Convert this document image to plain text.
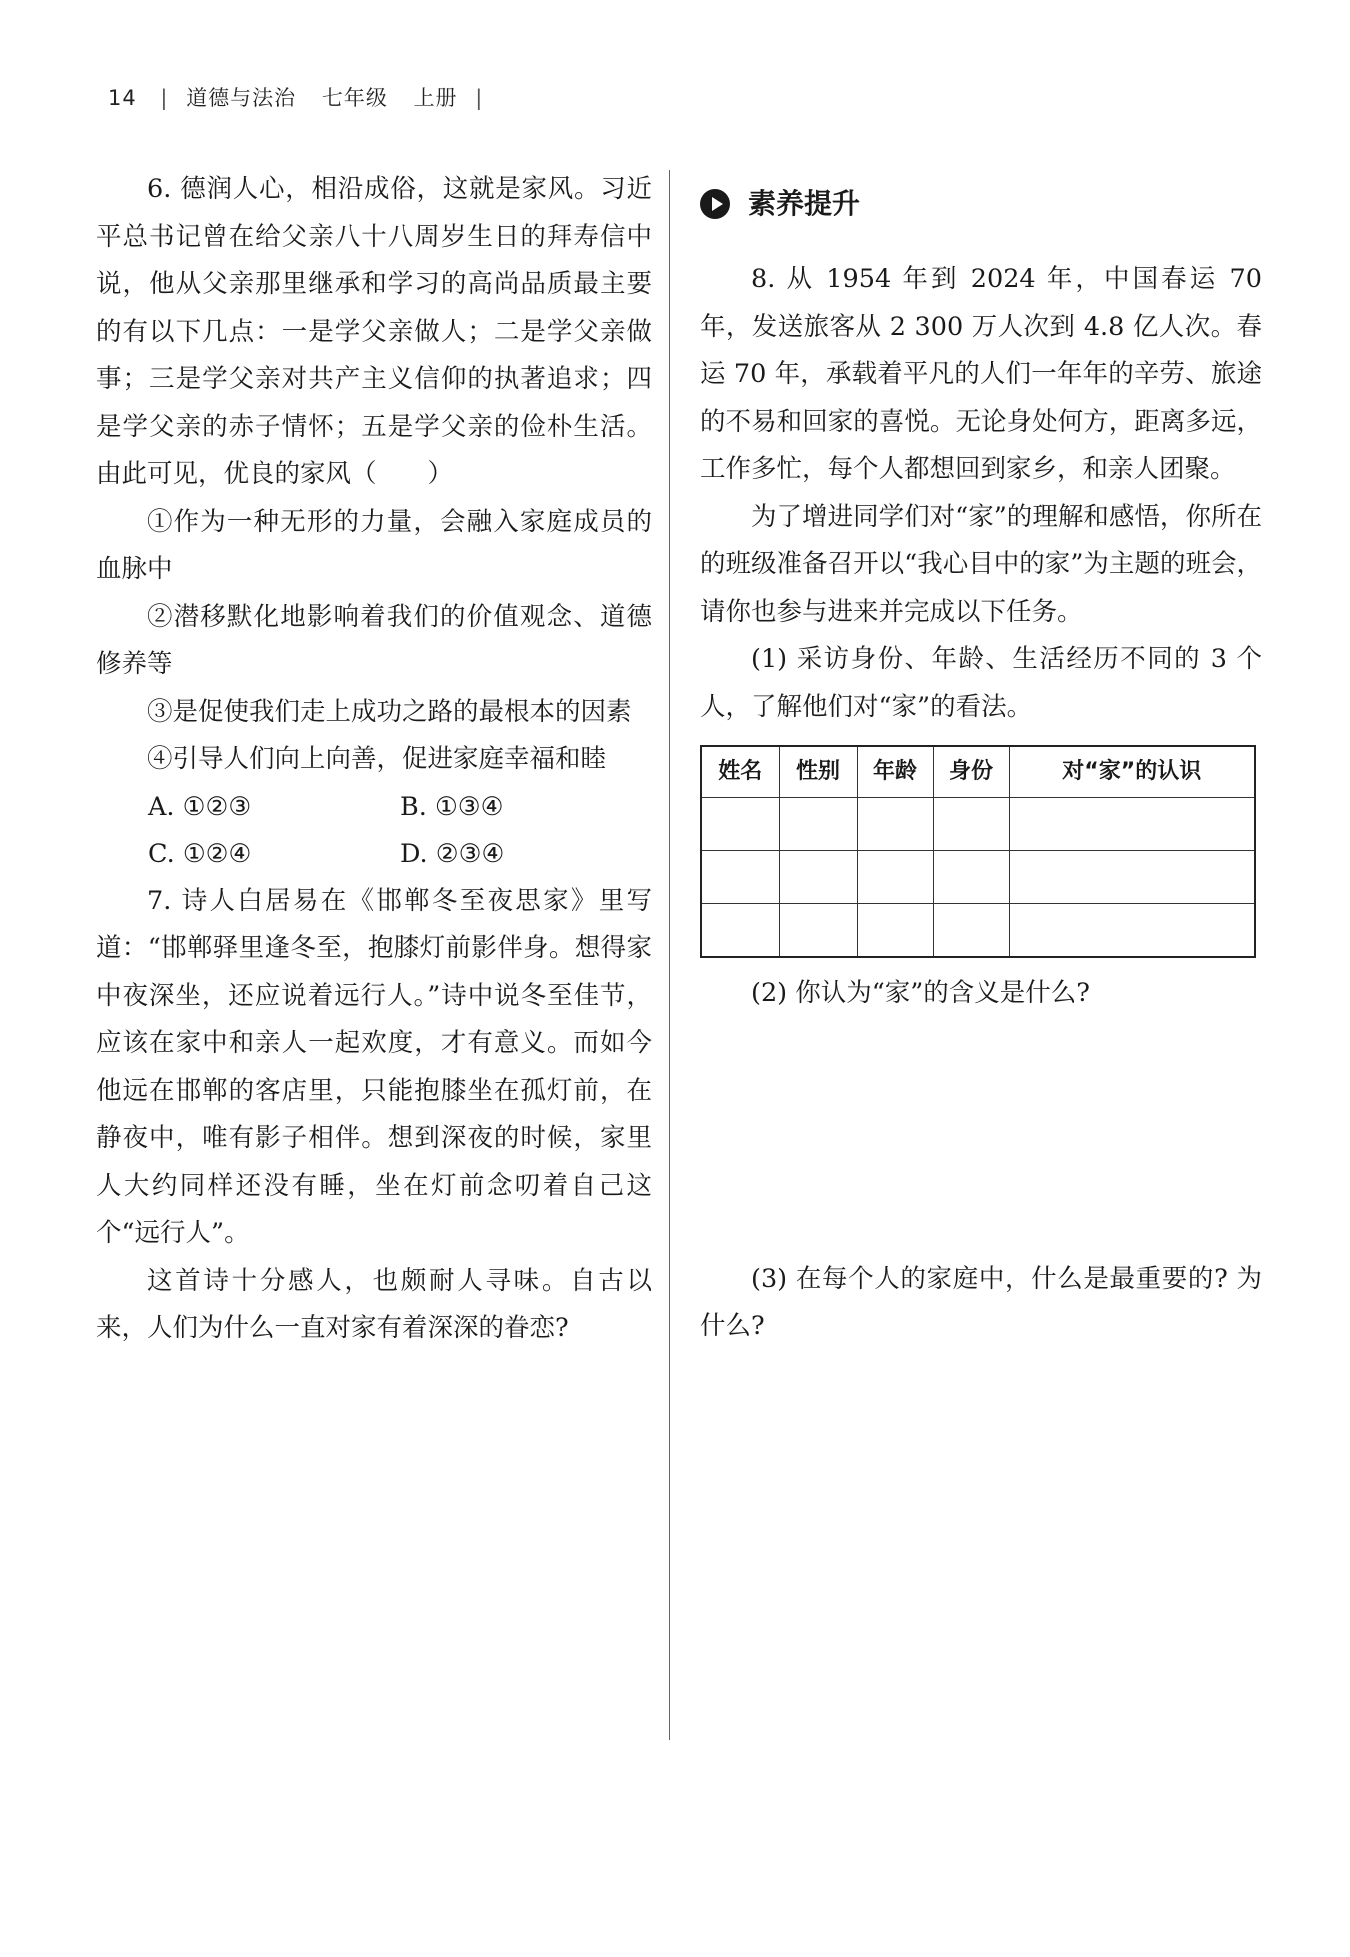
14 | 道德与法治 七年级 上册 |

6. 德润人心，相沿成俗，这就是家风。习近平总书记曾在给父亲八十八周岁生日的拜寿信中说，他从父亲那里继承和学习的高尚品质最主要的有以下几点：一是学父亲做人；二是学父亲做事；三是学父亲对共产主义信仰的执著追求；四是学父亲的赤子情怀；五是学父亲的俭朴生活。由此可见，优良的家风（　　）

①作为一种无形的力量，会融入家庭成员的血脉中

②潜移默化地影响着我们的价值观念、道德修养等

③是促使我们走上成功之路的最根本的因素

④引导人们向上向善，促进家庭幸福和睦

A. ①②③	B. ①③④
C. ①②④	D. ②③④

7. 诗人白居易在《邯郸冬至夜思家》里写道：“邯郸驿里逢冬至，抱膝灯前影伴身。想得家中夜深坐，还应说着远行人。”诗中说冬至佳节，应该在家中和亲人一起欢度，才有意义。而如今他远在邯郸的客店里，只能抱膝坐在孤灯前，在静夜中，唯有影子相伴。想到深夜的时候，家里人大约同样还没有睡，坐在灯前念叨着自己这个“远行人”。

这首诗十分感人，也颇耐人寻味。自古以来，人们为什么一直对家有着深深的眷恋?

素养提升

8. 从 1954 年到 2024 年，中国春运 70 年，发送旅客从 2 300 万人次到 4.8 亿人次。春运 70 年，承载着平凡的人们一年年的辛劳、旅途的不易和回家的喜悦。无论身处何方，距离多远，工作多忙，每个人都想回到家乡，和亲人团聚。

为了增进同学们对“家”的理解和感悟，你所在的班级准备召开以“我心目中的家”为主题的班会，请你也参与进来并完成以下任务。

(1) 采访身份、年龄、生活经历不同的 3 个人，了解他们对“家”的看法。

姓名	性别	年龄	身份	对“家”的认识

(2) 你认为“家”的含义是什么?

(3) 在每个人的家庭中，什么是最重要的? 为什么?
